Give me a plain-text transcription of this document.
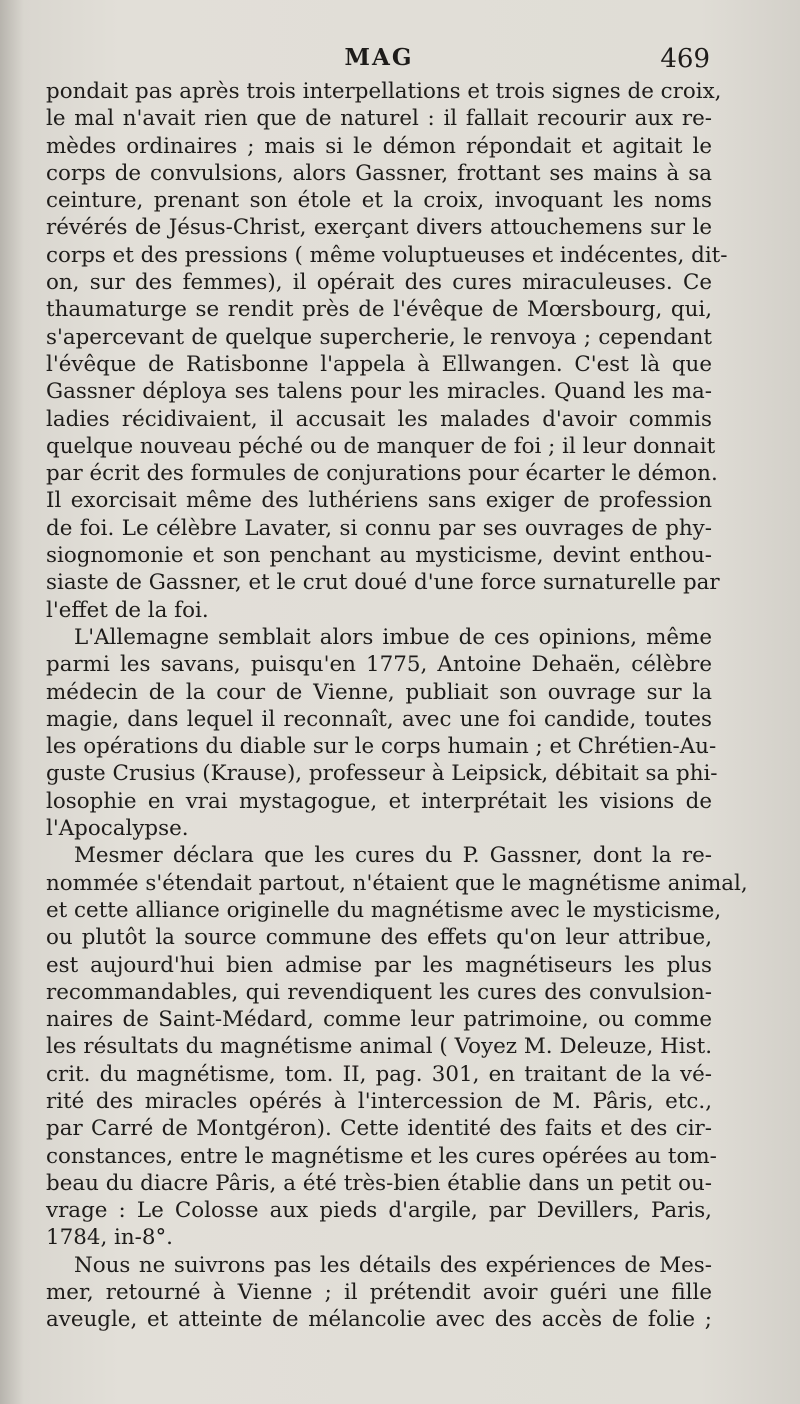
MAG	469

pondait pas après trois interpellations et trois signes de croix,
le mal n'avait rien que de naturel : il fallait recourir aux re-
mèdes ordinaires ; mais si le démon répondait et agitait le
corps de convulsions, alors Gassner, frottant ses mains à sa
ceinture, prenant son étole et la croix, invoquant les noms
révérés de Jésus-Christ, exerçant divers attouchemens sur le
corps et des pressions ( même voluptueuses et indécentes, dit-
on, sur des femmes), il opérait des cures miraculeuses. Ce
thaumaturge se rendit près de l'évêque de Mœrsbourg, qui,
s'apercevant de quelque supercherie, le renvoya ; cependant
l'évêque de Ratisbonne l'appela à Ellwangen. C'est là que
Gassner déploya ses talens pour les miracles. Quand les ma-
ladies récidivaient, il accusait les malades d'avoir commis
quelque nouveau péché ou de manquer de foi ; il leur donnait
par écrit des formules de conjurations pour écarter le démon.
Il exorcisait même des luthériens sans exiger de profession
de foi. Le célèbre Lavater, si connu par ses ouvrages de phy-
siognomonie et son penchant au mysticisme, devint enthou-
siaste de Gassner, et le crut doué d'une force surnaturelle par
l'effet de la foi.

L'Allemagne semblait alors imbue de ces opinions, même
parmi les savans, puisqu'en 1775, Antoine Dehaën, célèbre
médecin de la cour de Vienne, publiait son ouvrage sur la
magie, dans lequel il reconnaît, avec une foi candide, toutes
les opérations du diable sur le corps humain ; et Chrétien-Au-
guste Crusius (Krause), professeur à Leipsick, débitait sa phi-
losophie en vrai mystagogue, et interprétait les visions de
l'Apocalypse.

Mesmer déclara que les cures du P. Gassner, dont la re-
nommée s'étendait partout, n'étaient que le magnétisme animal,
et cette alliance originelle du magnétisme avec le mysticisme,
ou plutôt la source commune des effets qu'on leur attribue,
est aujourd'hui bien admise par les magnétiseurs les plus
recommandables, qui revendiquent les cures des convulsion-
naires de Saint-Médard, comme leur patrimoine, ou comme
les résultats du magnétisme animal ( Voyez M. Deleuze, Hist.
crit. du magnétisme, tom. II, pag. 301, en traitant de la vé-
rité des miracles opérés à l'intercession de M. Pâris, etc.,
par Carré de Montgéron). Cette identité des faits et des cir-
constances, entre le magnétisme et les cures opérées au tom-
beau du diacre Pâris, a été très-bien établie dans un petit ou-
vrage : Le Colosse aux pieds d'argile, par Devillers, Paris,
1784, in-8°.

Nous ne suivrons pas les détails des expériences de Mes-
mer, retourné à Vienne ; il prétendit avoir guéri une fille
aveugle, et atteinte de mélancolie avec des accès de folie ;
